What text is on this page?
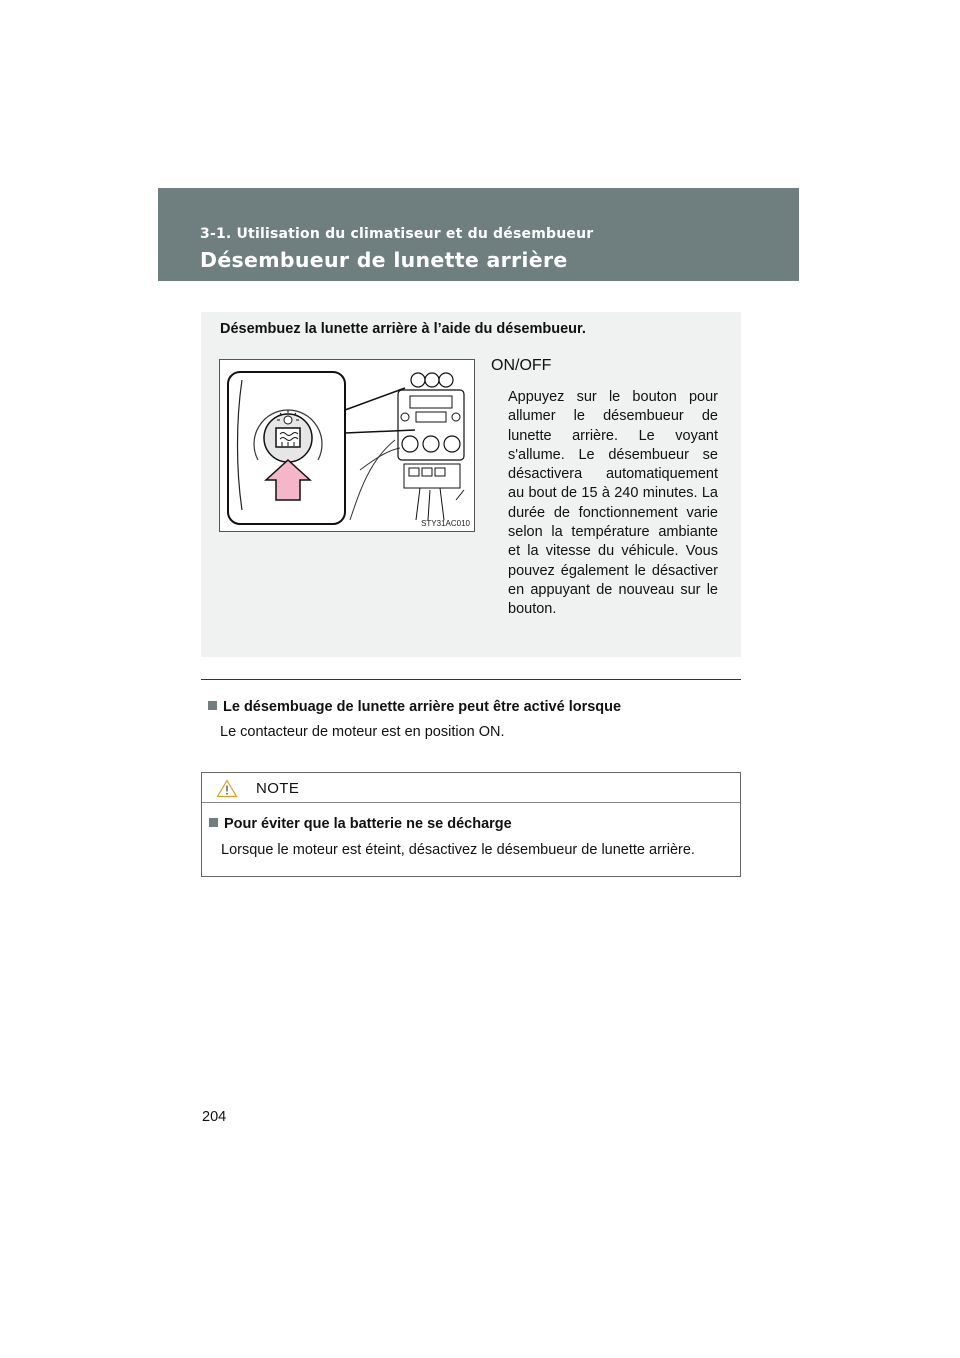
3-1. Utilisation du climatiseur et du désembueur
Désembueur de lunette arrière
Désembuez la lunette arrière à l’aide du désembueur.
STY31AC010
ON/OFF

Appuyez sur le bouton pour allumer le désembueur de lunette arrière. Le voyant s'allume. Le désembueur se désactivera automatiquement au bout de 15 à 240 minutes. La durée de fonctionnement varie selon la température ambiante et la vitesse du véhicule. Vous pouvez également le désactiver en appuyant de nouveau sur le bouton.

Le désembuage de lunette arrière peut être activé lorsque
Le contacteur de moteur est en position ON.
NOTE
Pour éviter que la batterie ne se décharge
Lorsque le moteur est éteint, désactivez le désembueur de lunette arrière.
204
